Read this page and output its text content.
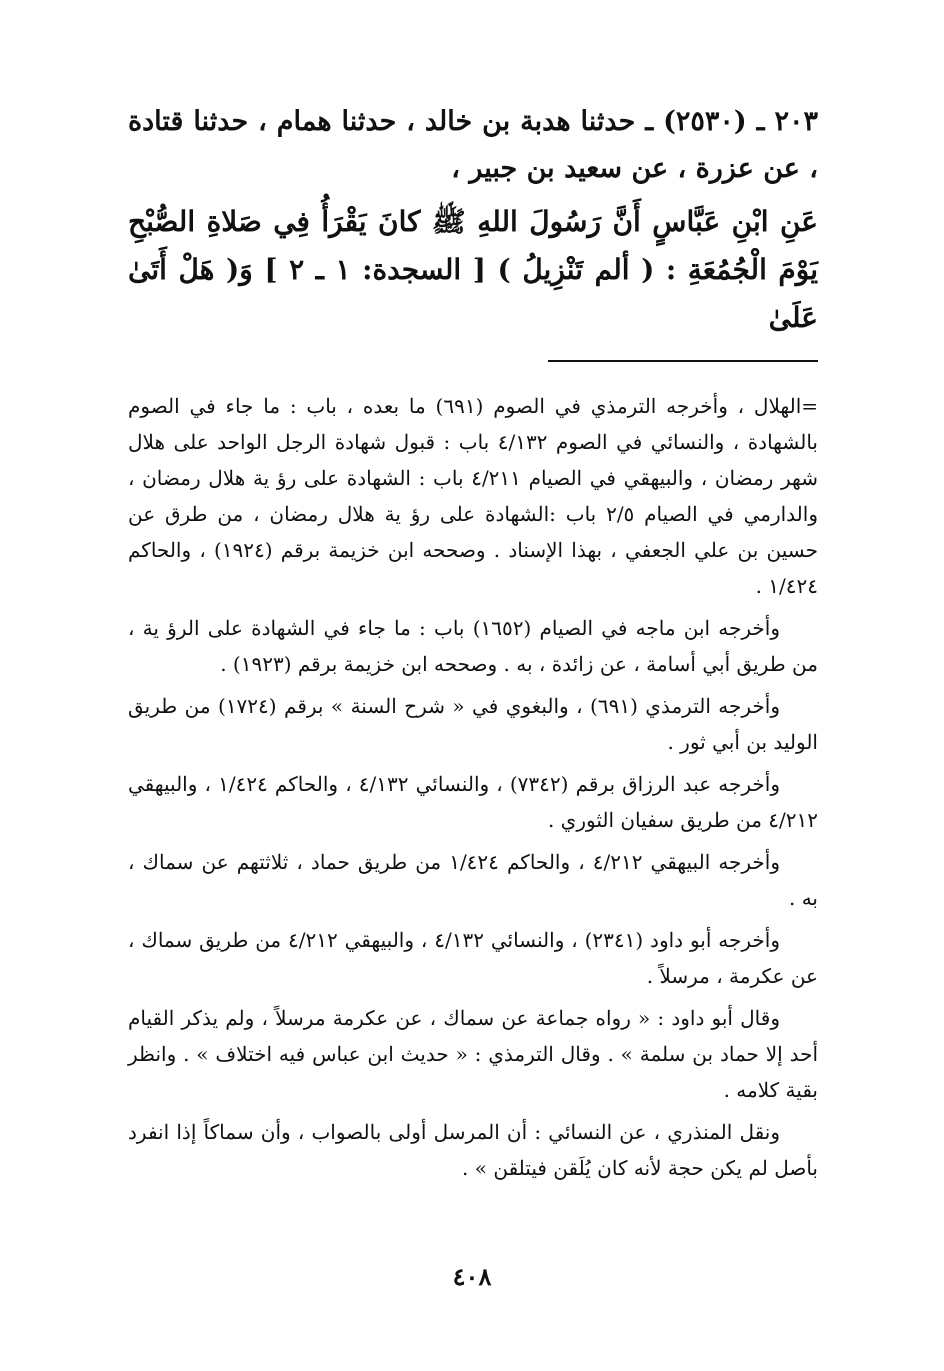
٢٠٣ ـ (٢٥٣٠) ـ حدثنا هدبة بن خالد ، حدثنا همام ، حدثنا قتادة ، عن عزرة ، عن سعيد بن جبير ،

عَنِ ابْنِ عَبَّاسٍ أَنَّ رَسُولَ اللهِ ﷺ كانَ يَقْرَأُ فِي صَلاةِ الصُّبْحِ يَوْمَ الْجُمُعَةِ : ( ألم تَنْزِيلُ ) [ السجدة: ١ ـ ٢ ] وَ( هَلْ أَتَىٰ عَلَىٰ

=الهلال ، وأخرجه الترمذي في الصوم (٦٩١) ما بعده ، باب : ما جاء في الصوم بالشهادة ، والنسائي في الصوم ٤/١٣٢ باب : قبول شهادة الرجل الواحد على هلال شهر رمضان ، والبيهقي في الصيام ٤/٢١١ باب : الشهادة على رؤ ية هلال رمضان ، والدارمي في الصيام ٢/٥ باب :الشهادة على رؤ ية هلال رمضان ، من طرق عن حسين بن علي الجعفي ، بهذا الإسناد . وصححه ابن خزيمة برقم (١٩٢٤) ، والحاكم ١/٤٢٤ .

وأخرجه ابن ماجه في الصيام (١٦٥٢) باب : ما جاء في الشهادة على الرؤ ية ، من طريق أبي أسامة ، عن زائدة ، به . وصححه ابن خزيمة برقم (١٩٢٣) .

وأخرجه الترمذي (٦٩١) ، والبغوي في « شرح السنة » برقم (١٧٢٤) من طريق الوليد بن أبي ثور .

وأخرجه عبد الرزاق برقم (٧٣٤٢) ، والنسائي ٤/١٣٢ ، والحاكم ١/٤٢٤ ، والبيهقي ٤/٢١٢ من طريق سفيان الثوري .

وأخرجه البيهقي ٤/٢١٢ ، والحاكم ١/٤٢٤ من طريق حماد ، ثلاثتهم عن سماك ، به .

وأخرجه أبو داود (٢٣٤١) ، والنسائي ٤/١٣٢ ، والبيهقي ٤/٢١٢ من طريق سماك ، عن عكرمة ، مرسلاً .

وقال أبو داود : « رواه جماعة عن سماك ، عن عكرمة مرسلاً ، ولم يذكر القيام أحد إلا حماد بن سلمة » . وقال الترمذي : « حديث ابن عباس فيه اختلاف » . وانظر بقية كلامه .

ونقل المنذري ، عن النسائي : أن المرسل أولى بالصواب ، وأن سماكاً إذا انفرد بأصل لم يكن حجة لأنه كان يُلَقن فيتلقن » .

٤٠٨
